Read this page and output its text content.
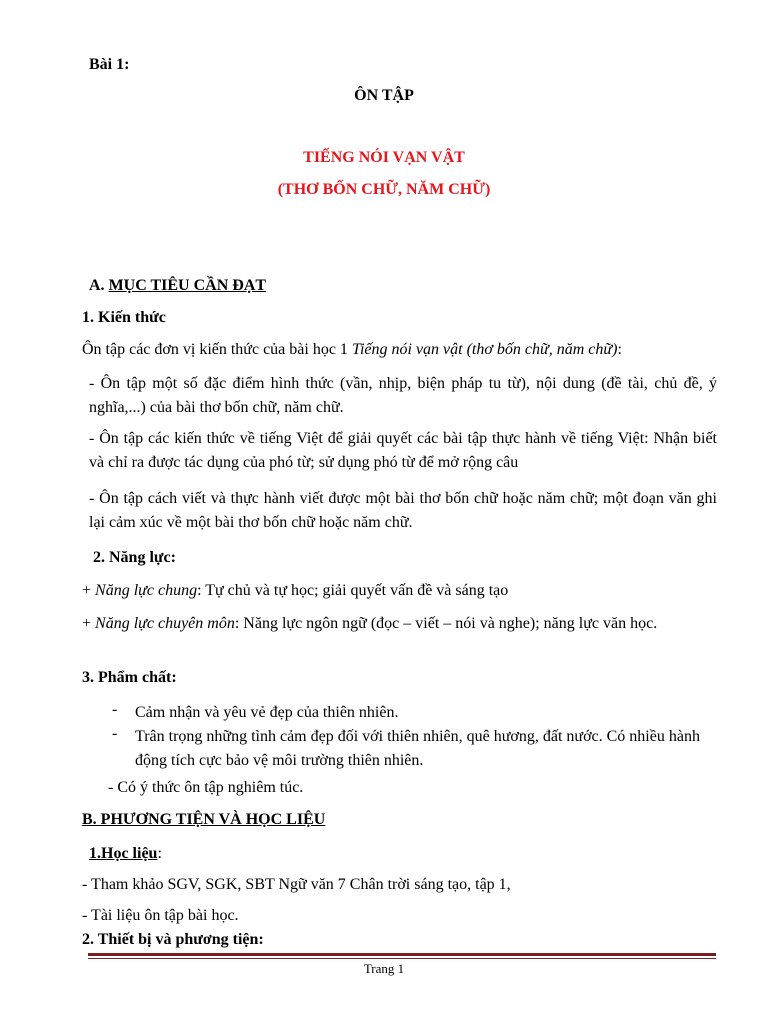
Bài 1:
ÔN TẬP
TIẾNG NÓI VẠN VẬT
(THƠ BỐN CHỮ, NĂM CHỮ)
A. MỤC TIÊU CẦN ĐẠT
1. Kiến thức
Ôn tập các đơn vị kiến thức của bài học 1 Tiếng nói vạn vật (thơ bốn chữ, năm chữ):
- Ôn tập một số đặc điểm hình thức (vần, nhịp, biện pháp tu từ), nội dung (đề tài, chủ đề, ý nghĩa,...) của bài thơ bốn chữ, năm chữ.
- Ôn tập các kiến thức về tiếng Việt để giải quyết các bài tập thực hành về tiếng Việt: Nhận biết và chỉ ra được tác dụng của phó từ; sử dụng phó từ để mở rộng câu
- Ôn tập cách viết và thực hành viết được một bài thơ bốn chữ hoặc năm chữ; một đoạn văn ghi lại cảm xúc về một bài thơ bốn chữ hoặc năm chữ.
2. Năng lực:
+ Năng lực chung: Tự chủ và tự học; giải quyết vấn đề và sáng tạo
+ Năng lực chuyên môn: Năng lực ngôn ngữ (đọc – viết – nói và nghe); năng lực văn học.
3. Phẩm chất:
- Cảm nhận và yêu vẻ đẹp của thiên nhiên.
- Trân trọng những tình cảm đẹp đối với thiên nhiên, quê hương, đất nước. Có nhiều hành động tích cực bảo vệ môi trường thiên nhiên.
- Có ý thức ôn tập nghiêm túc.
B. PHƯƠNG TIỆN VÀ HỌC LIỆU
1.Học liệu:
- Tham khảo SGV, SGK, SBT Ngữ văn 7 Chân trời sáng tạo, tập 1,
- Tài liệu ôn tập bài học.
2. Thiết bị và phương tiện:
Trang 1
